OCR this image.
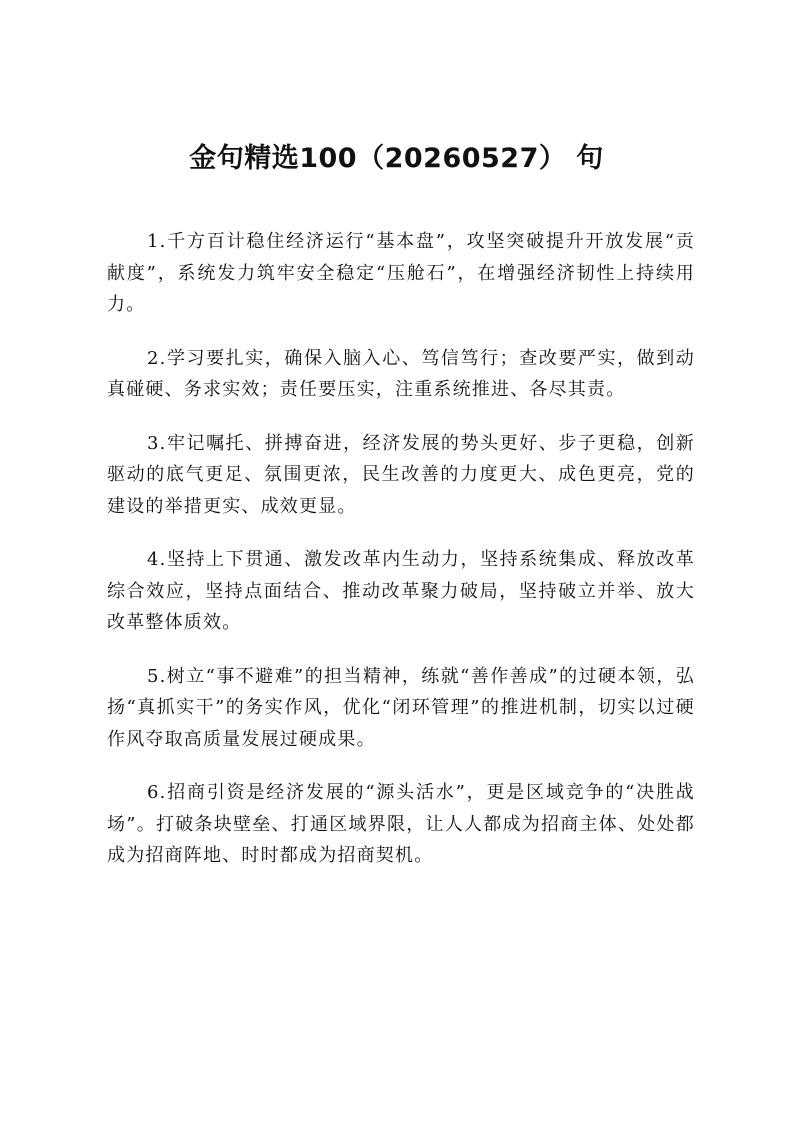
金句精选100（20260527） 句

1.千方百计稳住经济运行“基本盘”，攻坚突破提升开放发展“贡献度”，系统发力筑牢安全稳定“压舱石”，在增强经济韧性上持续用力。

2.学习要扎实，确保入脑入心、笃信笃行；查改要严实，做到动真碰硬、务求实效；责任要压实，注重系统推进、各尽其责。

3.牢记嘱托、拼搏奋进，经济发展的势头更好、步子更稳，创新驱动的底气更足、氛围更浓，民生改善的力度更大、成色更亮，党的建设的举措更实、成效更显。

4.坚持上下贯通、激发改革内生动力，坚持系统集成、释放改革综合效应，坚持点面结合、推动改革聚力破局，坚持破立并举、放大改革整体质效。

5.树立“事不避难”的担当精神，练就“善作善成”的过硬本领，弘扬“真抓实干”的务实作风，优化“闭环管理”的推进机制，切实以过硬作风夺取高质量发展过硬成果。

6.招商引资是经济发展的“源头活水”，更是区域竞争的“决胜战场”。打破条块壁垒、打通区域界限，让人人都成为招商主体、处处都成为招商阵地、时时都成为招商契机。
